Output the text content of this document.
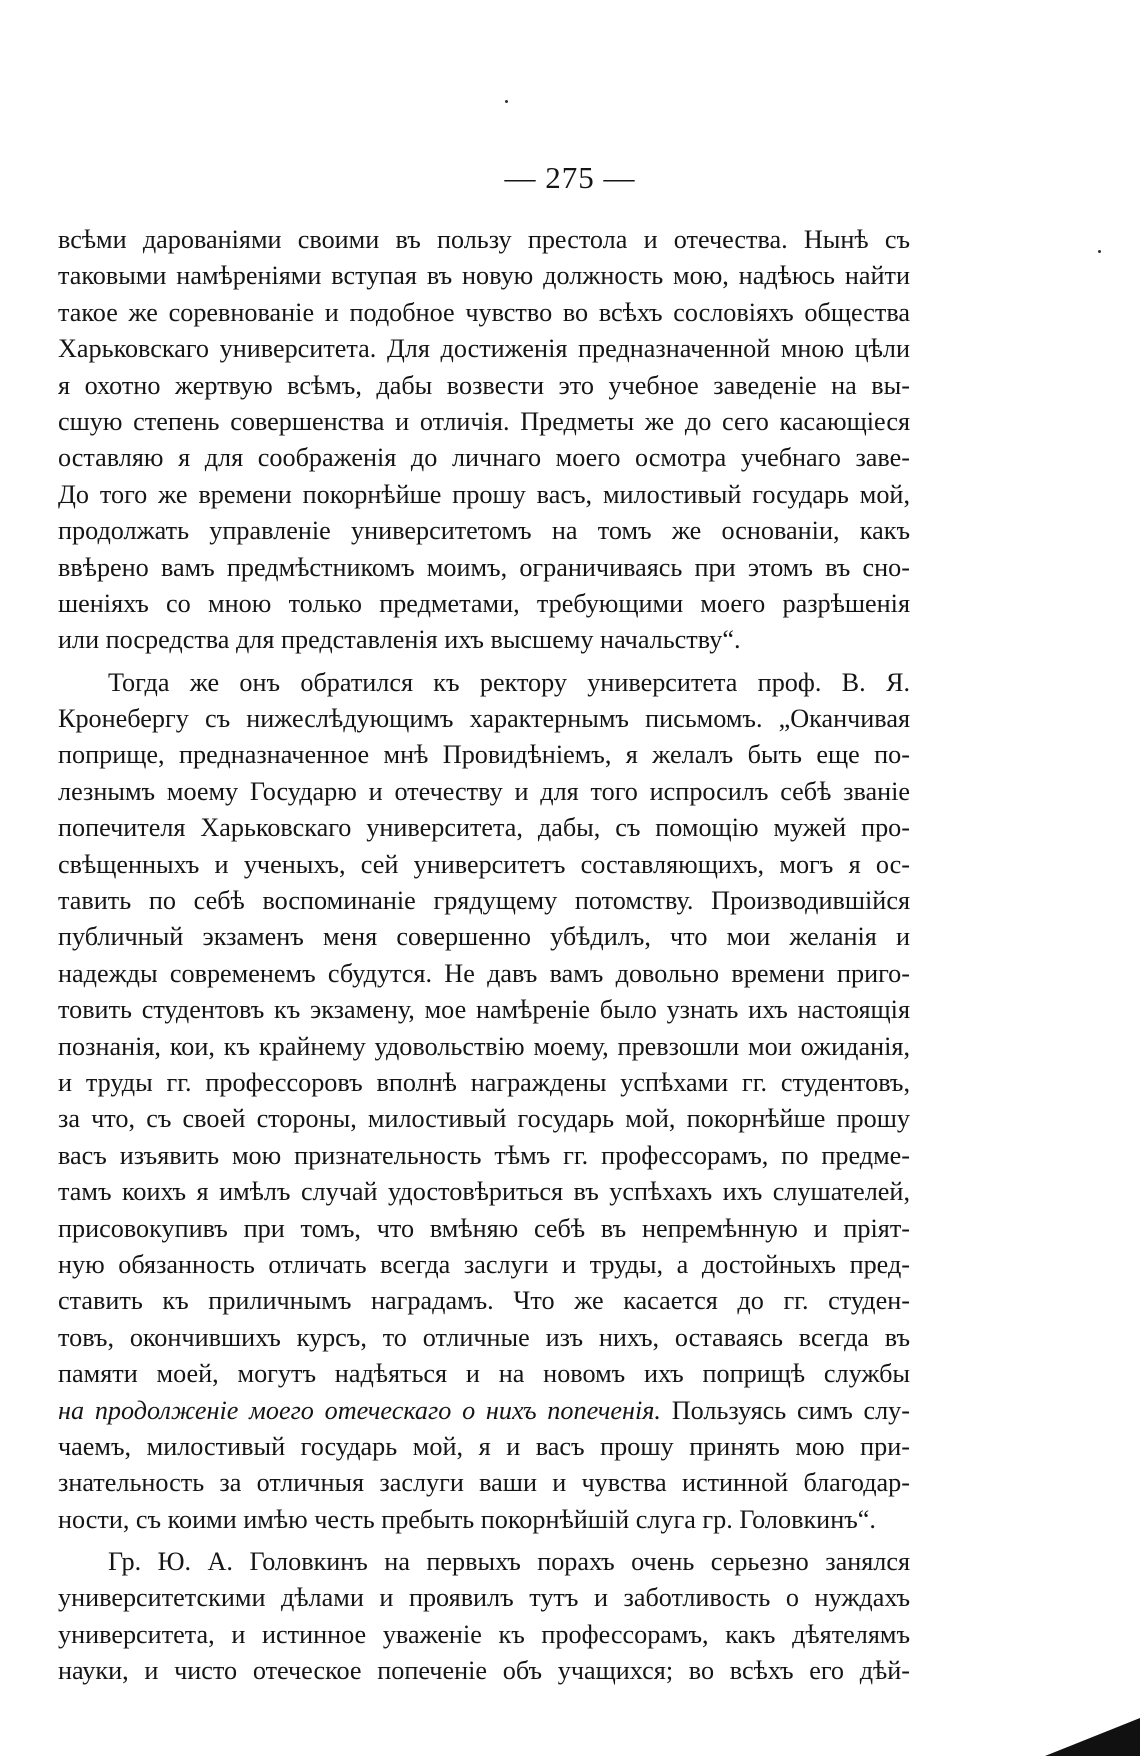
— 275 —
всѣми дарованіями своими въ пользу престола и отечества. Нынѣ съ
таковыми намѣреніями вступая въ новую должность мою, надѣюсь найти
такое же соревнованіе и подобное чувство во всѣхъ сословіяхъ общества
Харьковскаго университета. Для достиженія предназначенной мною цѣли
я охотно жертвую всѣмъ, дабы возвести это учебное заведеніе на вы-
сшую степень совершенства и отличія. Предметы же до сего касающіеся
оставляю я для соображенія до личнаго моего осмотра учебнаго заве-
До того же времени покорнѣйше прошу васъ, милостивый государь мой,
продолжать управленіе университетомъ на томъ же основаніи, какъ
ввѣрено вамъ предмѣстникомъ моимъ, ограничиваясь при этомъ въ сно-
шеніяхъ со мною только предметами, требующими моего разрѣшенія
или посредства для представленія ихъ высшему начальству“.
Тогда же онъ обратился къ ректору университета проф. В. Я.
Кронебергу съ нижеслѣдующимъ характернымъ письмомъ. „Оканчивая
поприще, предназначенное мнѣ Провидѣніемъ, я желалъ быть еще по-
лезнымъ моему Государю и отечеству и для того испросилъ себѣ званіе
попечителя Харьковскаго университета, дабы, съ помощію мужей про-
свѣщенныхъ и ученыхъ, сей университетъ составляющихъ, могъ я ос-
тавить по себѣ воспоминаніе грядущему потомству. Производившійся
публичный экзаменъ меня совершенно убѣдилъ, что мои желанія и
надежды современемъ сбудутся. Не давъ вамъ довольно времени приго-
товить студентовъ къ экзамену, мое намѣреніе было узнать ихъ настоящія
познанія, кои, къ крайнему удовольствію моему, превзошли мои ожиданія,
и труды гг. профессоровъ вполнѣ награждены успѣхами гг. студентовъ,
за что, съ своей стороны, милостивый государь мой, покорнѣйше прошу
васъ изъявить мою признательность тѣмъ гг. профессорамъ, по предме-
тамъ коихъ я имѣлъ случай удостовѣриться въ успѣхахъ ихъ слушателей,
присовокупивъ при томъ, что вмѣняю себѣ въ непремѣнную и пріят-
ную обязанность отличать всегда заслуги и труды, а достойныхъ пред-
ставить къ приличнымъ наградамъ. Что же касается до гг. студен-
товъ, окончившихъ курсъ, то отличные изъ нихъ, оставаясь всегда въ
памяти моей, могутъ надѣяться и на новомъ ихъ поприщѣ службы
на продолженіе моего отеческаго о нихъ попеченія. Пользуясь симъ слу-
чаемъ, милостивый государь мой, я и васъ прошу принять мою при-
знательность за отличныя заслуги ваши и чувства истинной благодар-
ности, съ коими имѣю честь пребыть покорнѣйшій слуга гр. Головкинъ“.
Гр. Ю. А. Головкинъ на первыхъ порахъ очень серьезно занялся
университетскими дѣлами и проявилъ тутъ и заботливость о нуждахъ
университета, и истинное уваженіе къ профессорамъ, какъ дѣятелямъ
науки, и чисто отеческое попеченіе объ учащихся; во всѣхъ его дѣй-
